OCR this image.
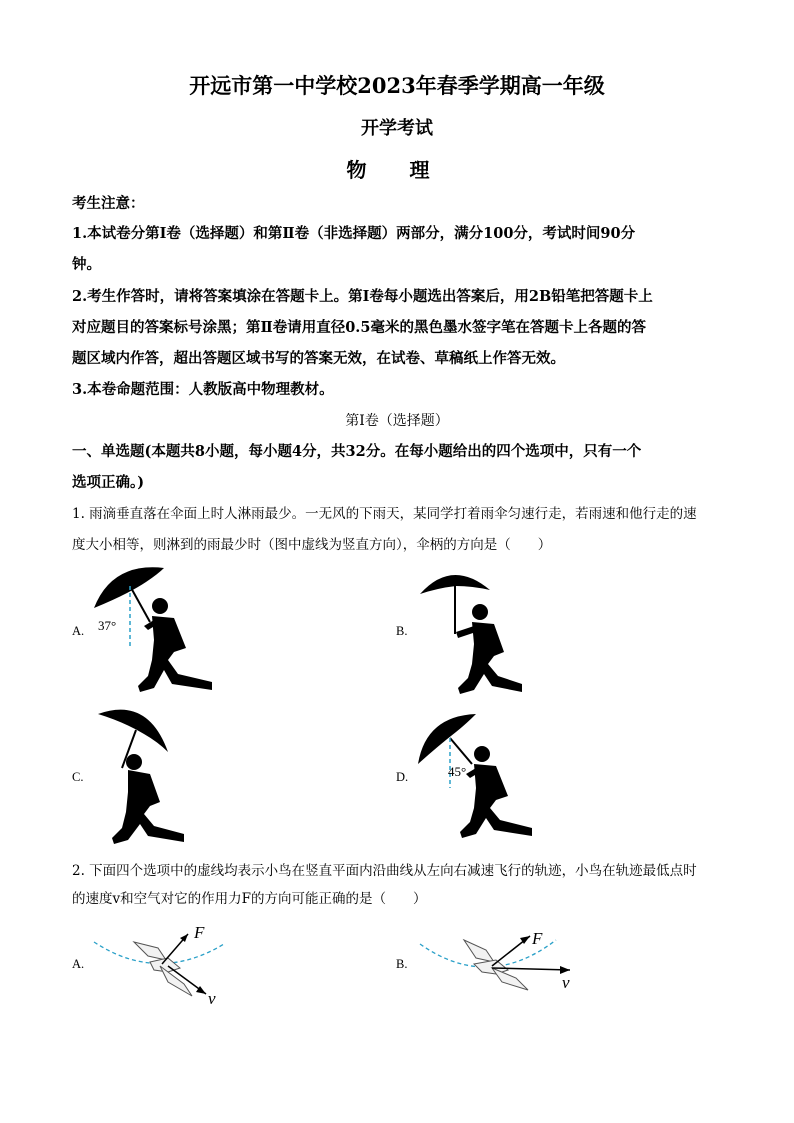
开远市第一中学校2023年春季学期高一年级
开学考试
物 理
考生注意：
1.本试卷分第Ⅰ卷（选择题）和第Ⅱ卷（非选择题）两部分，满分100分，考试时间90分
钟。
2.考生作答时，请将答案填涂在答题卡上。第Ⅰ卷每小题选出答案后，用2B铅笔把答题卡上
对应题目的答案标号涂黑；第Ⅱ卷请用直径0.5毫米的黑色墨水签字笔在答题卡上各题的答
题区域内作答，超出答题区域书写的答案无效，在试卷、草稿纸上作答无效。
3.本卷命题范围：人教版高中物理教材。
第Ⅰ卷（选择题）
一、单选题(本题共8小题，每小题4分，共32分。在每小题给出的四个选项中，只有一个
选项正确。)
1. 雨滴垂直落在伞面上时人淋雨最少。一无风的下雨天，某同学打着雨伞匀速行走，若雨速和他行走的速
度大小相等，则淋到的雨最少时（图中虚线为竖直方向），伞柄的方向是（　　）
A. 37°	B.
C.	D.	45°
2. 下面四个选项中的虚线均表示小鸟在竖直平面内沿曲线从左向右减速飞行的轨迹，小鸟在轨迹最低点时
的速度v和空气对它的作用力F的方向可能正确的是（　　）
A.
F
v
B.
F
v
